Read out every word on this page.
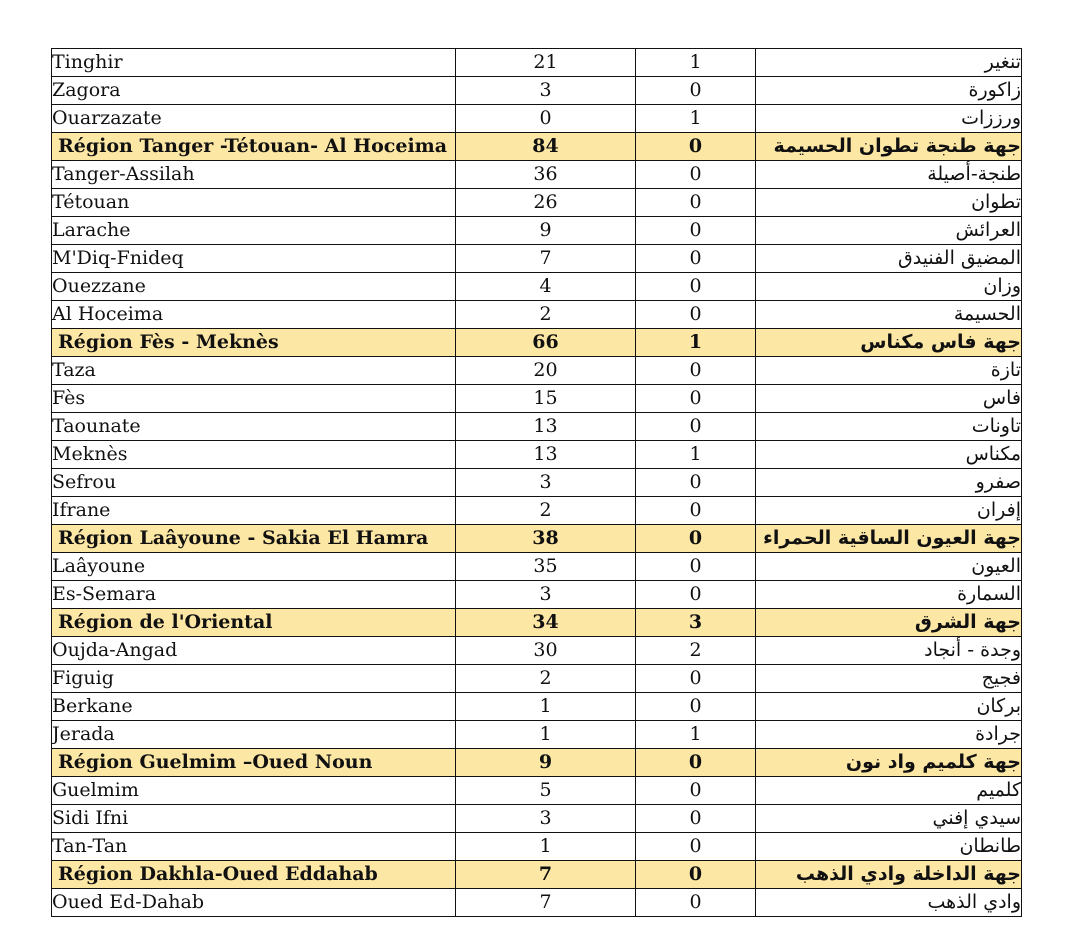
Tinghir	21	1	تنغير
Zagora	3	0	زاكورة
Ouarzazate	0	1	ورززات
Région Tanger -Tétouan- Al Hoceima	84	0	جهة طنجة تطوان الحسيمة
Tanger-Assilah	36	0	طنجة-أصيلة
Tétouan	26	0	تطوان
Larache	9	0	العرائش
M'Diq-Fnideq	7	0	المضيق الفنيدق
Ouezzane	4	0	وزان
Al Hoceima	2	0	الحسيمة
Région Fès - Meknès	66	1	جهة فاس مكناس
Taza	20	0	تازة
Fès	15	0	فاس
Taounate	13	0	تاونات
Meknès	13	1	مكناس
Sefrou	3	0	صفرو
Ifrane	2	0	إفران
Région Laâyoune - Sakia El Hamra	38	0	جهة العيون الساقية الحمراء
Laâyoune	35	0	العيون
Es-Semara	3	0	السمارة
Région de l'Oriental	34	3	جهة الشرق
Oujda-Angad	30	2	وجدة - أنجاد
Figuig	2	0	فجيج
Berkane	1	0	بركان
Jerada	1	1	جرادة
Région Guelmim –Oued Noun	9	0	جهة كلميم واد نون
Guelmim	5	0	كلميم
Sidi Ifni	3	0	سيدي إفني
Tan-Tan	1	0	طانطان
Région Dakhla-Oued Eddahab	7	0	جهة الداخلة وادي الذهب
Oued Ed-Dahab	7	0	وادي الذهب
